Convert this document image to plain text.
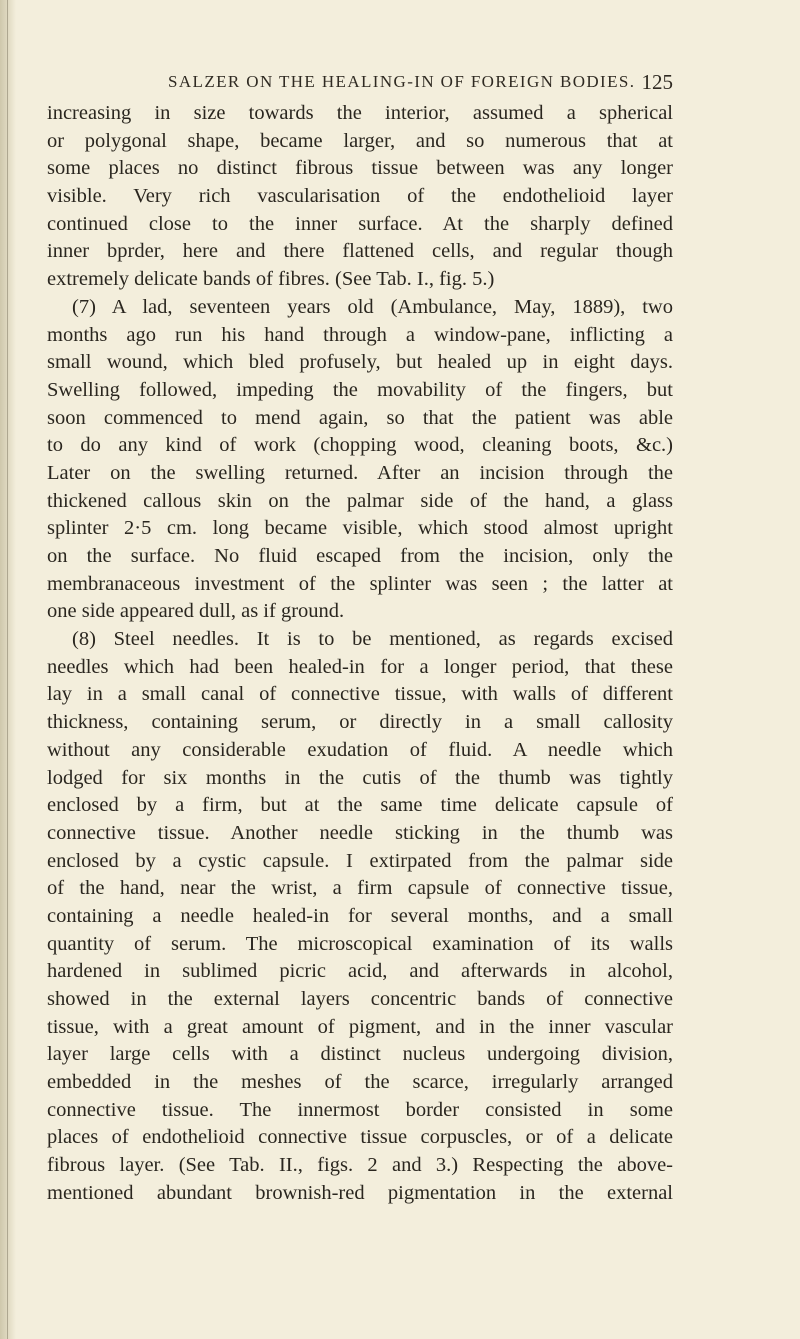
SALZER ON THE HEALING-IN OF FOREIGN BODIES. 125
increasing in size towards the interior, assumed a spherical
or polygonal shape, became larger, and so numerous that at
some places no distinct fibrous tissue between was any longer
visible. Very rich vascularisation of the endothelioid layer
continued close to the inner surface. At the sharply defined
inner bprder, here and there flattened cells, and regular though
extremely delicate bands of fibres. (See Tab. I., fig. 5.)
(7) A lad, seventeen years old (Ambulance, May, 1889), two
months ago run his hand through a window-pane, inflicting a
small wound, which bled profusely, but healed up in eight days.
Swelling followed, impeding the movability of the fingers, but
soon commenced to mend again, so that the patient was able
to do any kind of work (chopping wood, cleaning boots, &c.)
Later on the swelling returned. After an incision through the
thickened callous skin on the palmar side of the hand, a glass
splinter 2·5 cm. long became visible, which stood almost upright
on the surface. No fluid escaped from the incision, only the
membranaceous investment of the splinter was seen ; the latter at
one side appeared dull, as if ground.
(8) Steel needles. It is to be mentioned, as regards excised
needles which had been healed-in for a longer period, that these
lay in a small canal of connective tissue, with walls of different
thickness, containing serum, or directly in a small callosity
without any considerable exudation of fluid. A needle which
lodged for six months in the cutis of the thumb was tightly
enclosed by a firm, but at the same time delicate capsule of
connective tissue. Another needle sticking in the thumb was
enclosed by a cystic capsule. I extirpated from the palmar side
of the hand, near the wrist, a firm capsule of connective tissue,
containing a needle healed-in for several months, and a small
quantity of serum. The microscopical examination of its walls
hardened in sublimed picric acid, and afterwards in alcohol,
showed in the external layers concentric bands of connective
tissue, with a great amount of pigment, and in the inner vascular
layer large cells with a distinct nucleus undergoing division,
embedded in the meshes of the scarce, irregularly arranged
connective tissue. The innermost border consisted in some
places of endothelioid connective tissue corpuscles, or of a delicate
fibrous layer. (See Tab. II., figs. 2 and 3.) Respecting the above-
mentioned abundant brownish-red pigmentation in the external
